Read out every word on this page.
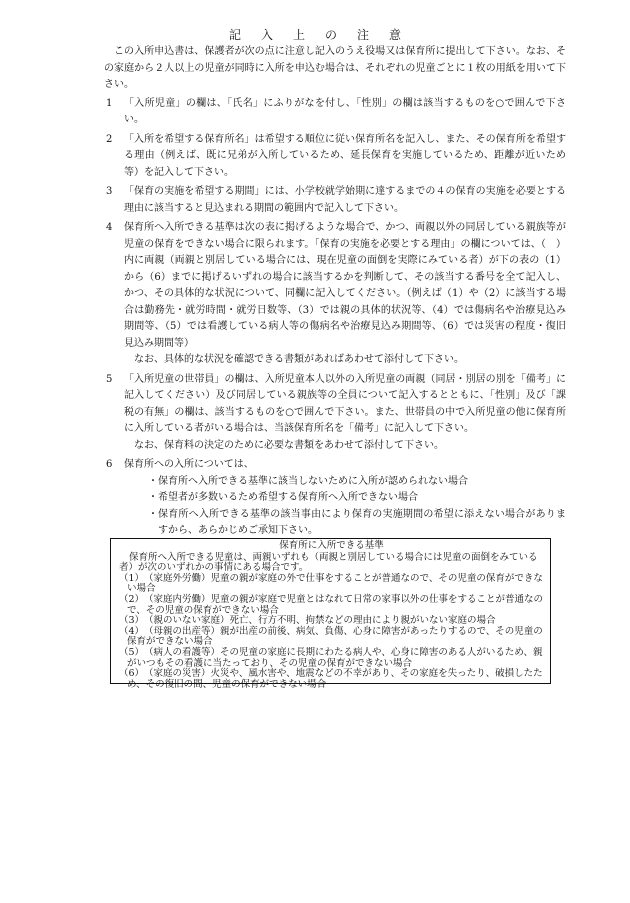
記入上の注意

この入所申込書は、保護者が次の点に注意し記入のうえ役場又は保育所に提出して下さい。なお、その家庭から２人以上の児童が同時に入所を申込む場合は、それぞれの児童ごとに１枚の用紙を用いて下さい。

1 「入所児童」の欄は、「氏名」にふりがなを付し、「性別」の欄は該当するものを○で囲んで下さい。
2 「入所を希望する保育所名」は希望する順位に従い保育所名を記入し、また、その保育所を希望する理由（例えば、既に兄弟が入所しているため、延長保育を実施しているため、距離が近いため等）を記入して下さい。
3 「保育の実施を希望する期間」には、小学校就学始期に達するまでの４の保育の実施を必要とする理由に該当すると見込まれる期間の範囲内で記入して下さい。
4 保育所へ入所できる基準は次の表に掲げるような場合で、かつ、両親以外の同居している親族等が児童の保育をできない場合に限られます。「保育の実施を必要とする理由」の欄については、（　）内に両親（両親と別居している場合には、現在児童の面倒を実際にみている者）が下の表の（1）から（6）までに掲げるいずれの場合に該当するかを判断して、その該当する番号を全て記入し、かつ、その具体的な状況について、同欄に記入してください。（例えば（1）や（2）に該当する場合は勤務先・就労時間・就労日数等、（3）では親の具体的状況等、（4）では傷病名や治療見込み期間等、（5）では看護している病人等の傷病名や治療見込み期間等、（6）では災害の程度・復旧見込み期間等）
なお、具体的な状況を確認できる書類があればあわせて添付して下さい。
5 「入所児童の世帯員」の欄は、入所児童本人以外の入所児童の両親（同居・別居の別を「備考」に記入してください）及び同居している親族等の全員について記入するとともに、「性別」及び「課税の有無」の欄は、該当するものを○で囲んで下さい。また、世帯員の中で入所児童の他に保育所に入所している者がいる場合は、当該保育所名を「備考」に記入して下さい。
なお、保育料の決定のために必要な書類をあわせて添付して下さい。
6 保育所への入所については、
・ 保育所へ入所できる基準に該当しないために入所が認められない場合
・ 希望者が多数いるため希望する保育所へ入所できない場合
・ 保育所へ入所できる基準の該当事由により保育の実施期間の希望に添えない場合がありますから、あらかじめご承知下さい。
保育所に入所できる基準

保育所へ入所できる児童は、両親いずれも（両親と別居している場合には児童の面倒をみている者）が次のいずれかの事情にある場合です。

（1）　（家庭外労働）児童の親が家庭の外で仕事をすることが普通なので、その児童の保育ができない場合
（2）　（家庭内労働）児童の親が家庭で児童とはなれて日常の家事以外の仕事をすることが普通なので、その児童の保育ができない場合
（3）　（親のいない家庭）死亡、行方不明、拘禁などの理由により親がいない家庭の場合
（4）　（母親の出産等）親が出産の前後、病気、負傷、心身に障害があったりするので、その児童の保育ができない場合
（5）　（病人の看護等）その児童の家庭に長期にわたる病人や、心身に障害のある人がいるため、親がいつもその看護に当たっており、その児童の保育ができない場合
（6）　（家庭の災害）火災や、風水害や、地震などの不幸があり、その家庭を失ったり、破損したため、その復旧の間、児童の保育ができない場合
